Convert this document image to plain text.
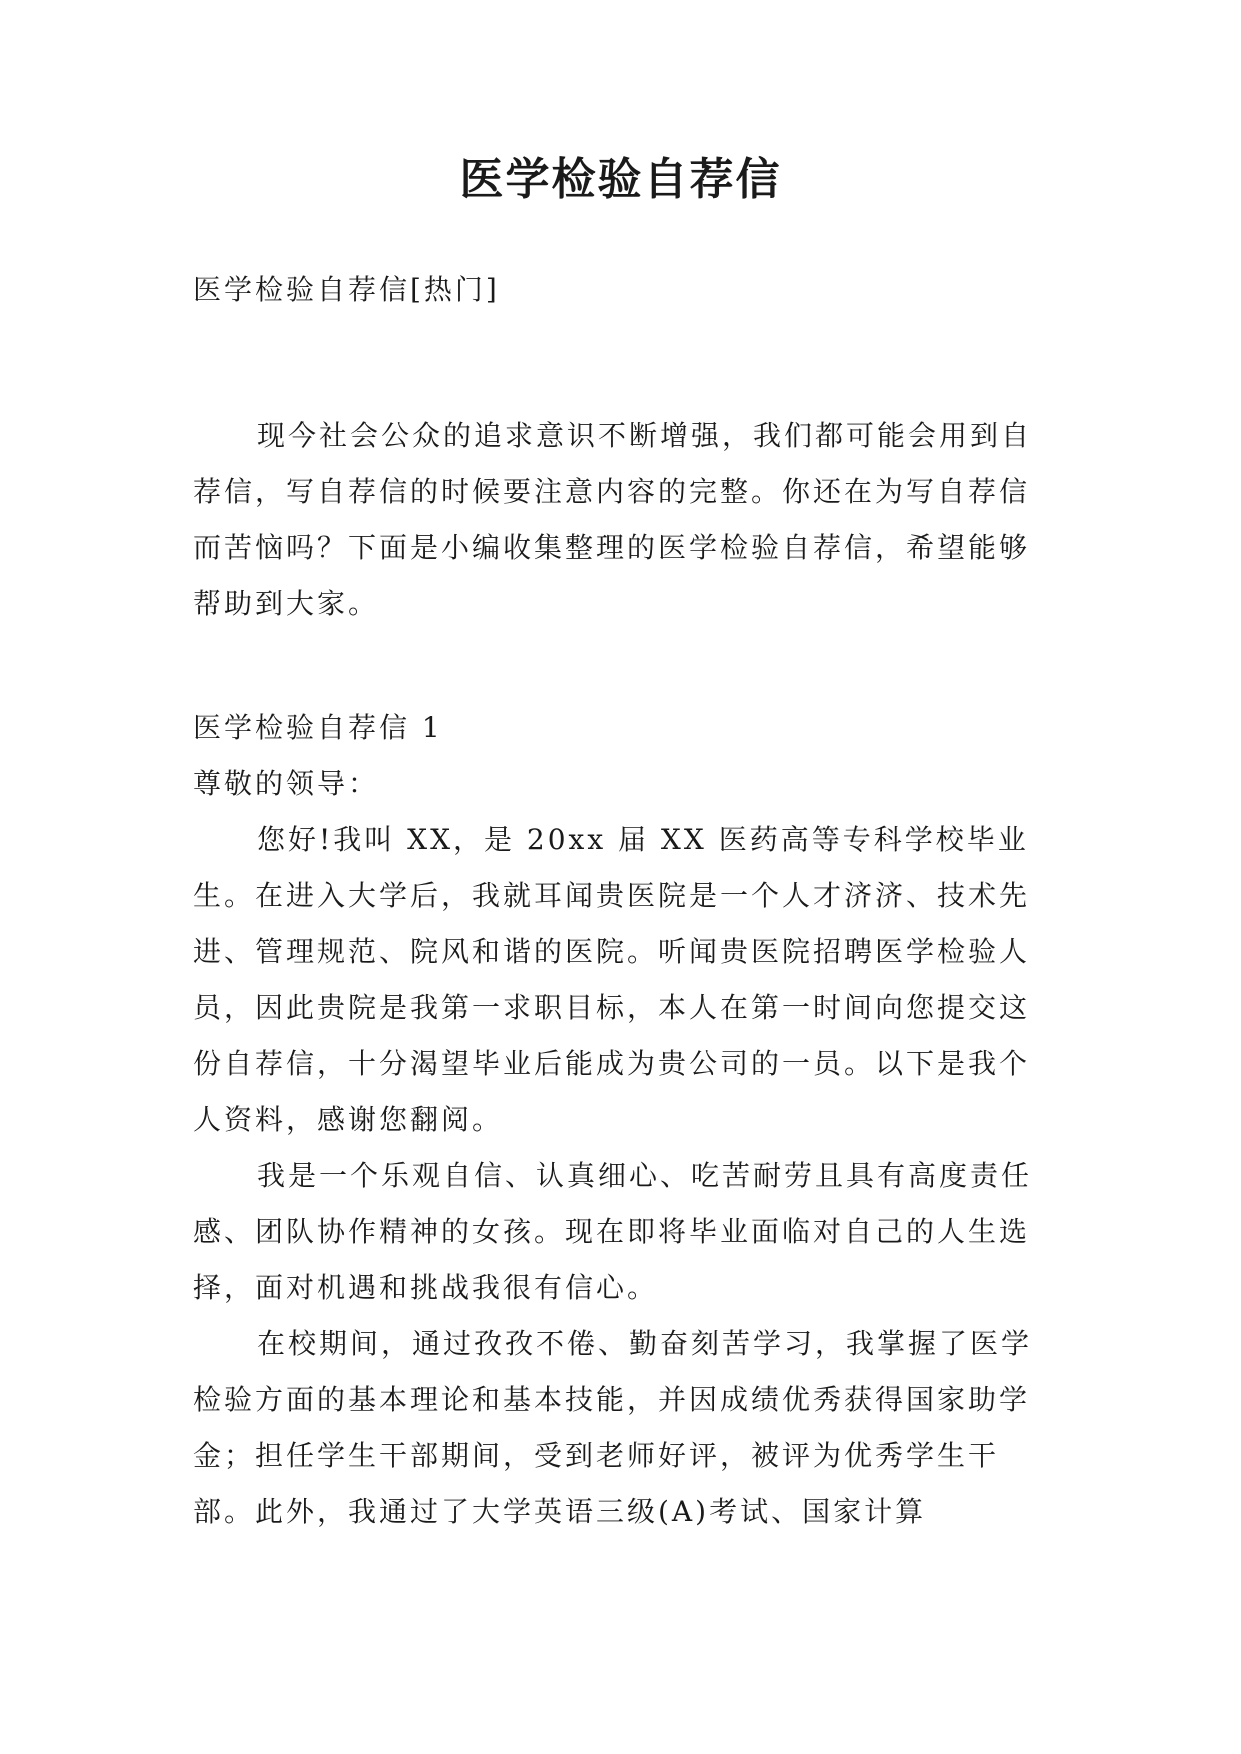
医学检验自荐信
医学检验自荐信[热门]

现今社会公众的追求意识不断增强，我们都可能会用到自荐信，写自荐信的时候要注意内容的完整。你还在为写自荐信而苦恼吗？下面是小编收集整理的医学检验自荐信，希望能够帮助到大家。

医学检验自荐信 1

尊敬的领导：

您好!我叫 XX，是 20xx 届 XX 医药高等专科学校毕业生。在进入大学后，我就耳闻贵医院是一个人才济济、技术先进、管理规范、院风和谐的医院。听闻贵医院招聘医学检验人员，因此贵院是我第一求职目标，本人在第一时间向您提交这份自荐信，十分渴望毕业后能成为贵公司的一员。以下是我个人资料，感谢您翻阅。

我是一个乐观自信、认真细心、吃苦耐劳且具有高度责任感、团队协作精神的女孩。现在即将毕业面临对自己的人生选择，面对机遇和挑战我很有信心。

在校期间，通过孜孜不倦、勤奋刻苦学习，我掌握了医学检验方面的基本理论和基本技能，并因成绩优秀获得国家助学金；担任学生干部期间，受到老师好评，被评为优秀学生干部。此外，我通过了大学英语三级(A)考试、国家计算
